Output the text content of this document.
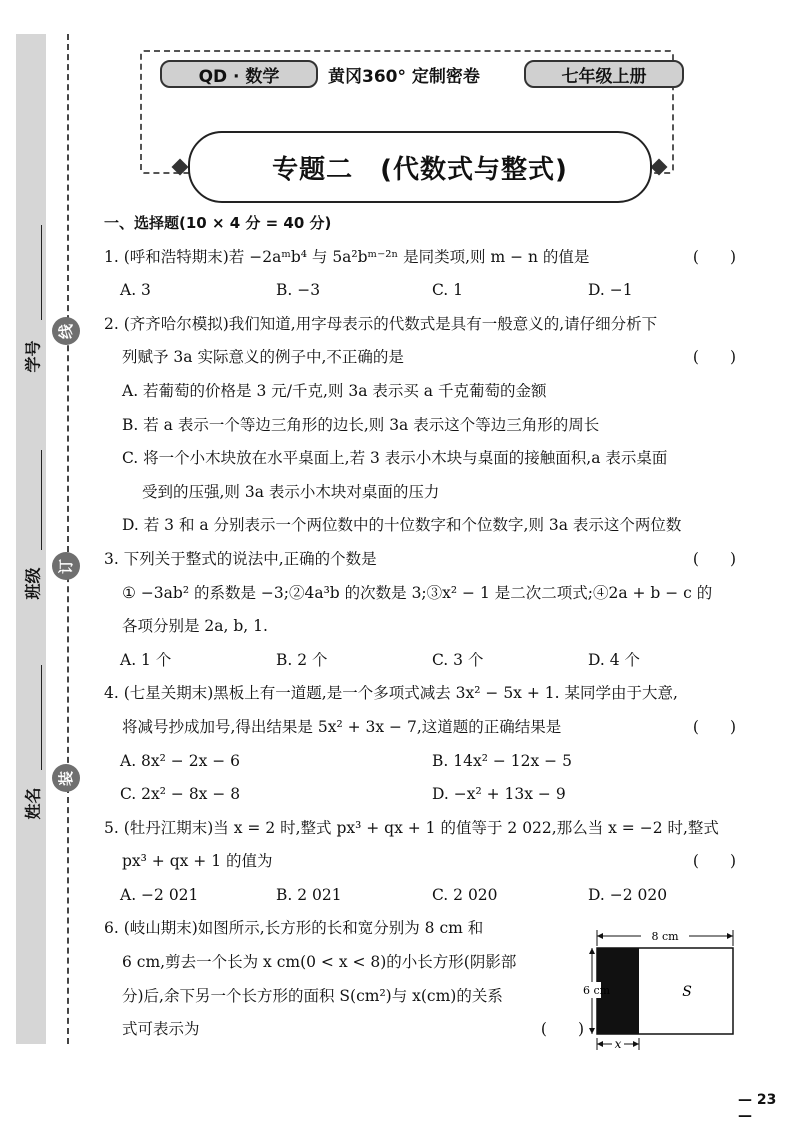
学号
班级
姓名
线
订
装
QD · 数学	黄冈360° 定制密卷	七年级上册
专题二　(代数式与整式)
一、选择题(10 × 4 分 = 40 分)
1. (呼和浩特期末)若 −2aᵐb⁴ 与 5a²bᵐ⁻²ⁿ 是同类项,则 m − n 的值是	(　　)
A. 3	B. −3	C. 1	D. −1
2. (齐齐哈尔模拟)我们知道,用字母表示的代数式是具有一般意义的,请仔细分析下
列赋予 3a 实际意义的例子中,不正确的是	(　　)
A. 若葡萄的价格是 3 元/千克,则 3a 表示买 a 千克葡萄的金额
B. 若 a 表示一个等边三角形的边长,则 3a 表示这个等边三角形的周长
C. 将一个小木块放在水平桌面上,若 3 表示小木块与桌面的接触面积,a 表示桌面
受到的压强,则 3a 表示小木块对桌面的压力
D. 若 3 和 a 分别表示一个两位数中的十位数字和个位数字,则 3a 表示这个两位数
3. 下列关于整式的说法中,正确的个数是	(　　)
① −3ab² 的系数是 −3;②4a³b 的次数是 3;③x² − 1 是二次二项式;④2a + b − c 的
各项分别是 2a, b, 1.
A. 1 个	B. 2 个	C. 3 个	D. 4 个
4. (七星关期末)黑板上有一道题,是一个多项式减去 3x² − 5x + 1. 某同学由于大意,
将减号抄成加号,得出结果是 5x² + 3x − 7,这道题的正确结果是	(　　)
A. 8x² − 2x − 6	B. 14x² − 12x − 5
C. 2x² − 8x − 8	D. −x² + 13x − 9
5. (牡丹江期末)当 x = 2 时,整式 px³ + qx + 1 的值等于 2 022,那么当 x = −2 时,整式
px³ + qx + 1 的值为	(　　)
A. −2 021	B. 2 021	C. 2 020	D. −2 020
6. (岐山期末)如图所示,长方形的长和宽分别为 8 cm 和
6 cm,剪去一个长为 x cm(0 < x < 8)的小长方形(阴影部
分)后,余下另一个长方形的面积 S(cm²)与 x(cm)的关系
式可表示为	(　　)
8 cm
S
6 cm
x
— 23 —
